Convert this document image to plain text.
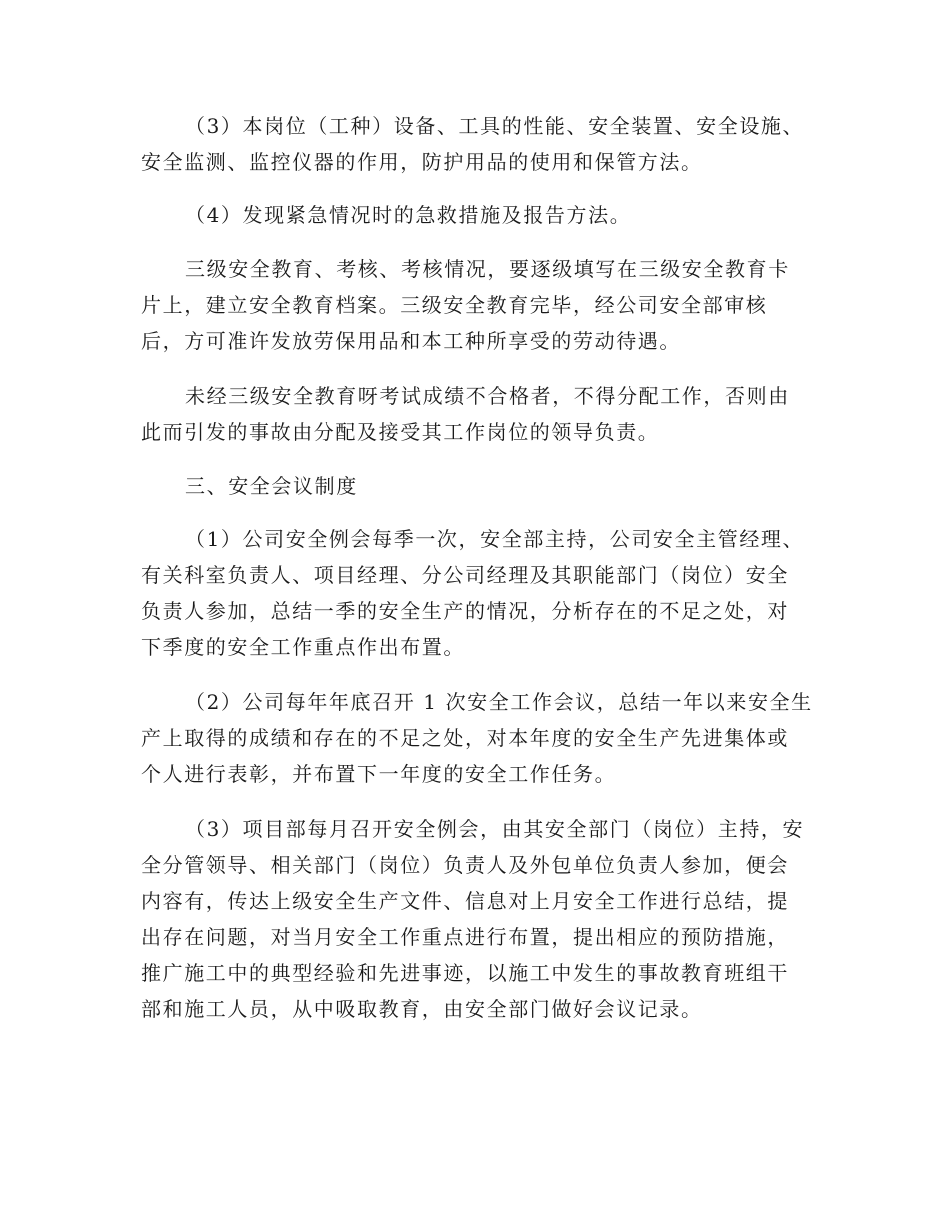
（3）本岗位（工种）设备、工具的性能、安全装置、安全设施、
安全监测、监控仪器的作用，防护用品的使用和保管方法。
（4）发现紧急情况时的急救措施及报告方法。
三级安全教育、考核、考核情况，要逐级填写在三级安全教育卡
片上，建立安全教育档案。三级安全教育完毕，经公司安全部审核
后，方可准许发放劳保用品和本工种所享受的劳动待遇。
未经三级安全教育呀考试成绩不合格者，不得分配工作，否则由
此而引发的事故由分配及接受其工作岗位的领导负责。
三、安全会议制度
（1）公司安全例会每季一次，安全部主持，公司安全主管经理、
有关科室负责人、项目经理、分公司经理及其职能部门（岗位）安全
负责人参加，总结一季的安全生产的情况，分析存在的不足之处，对
下季度的安全工作重点作出布置。
（2）公司每年年底召开 1 次安全工作会议，总结一年以来安全生
产上取得的成绩和存在的不足之处，对本年度的安全生产先进集体或
个人进行表彰，并布置下一年度的安全工作任务。
（3）项目部每月召开安全例会，由其安全部门（岗位）主持，安
全分管领导、相关部门（岗位）负责人及外包单位负责人参加，便会
内容有，传达上级安全生产文件、信息对上月安全工作进行总结，提
出存在问题，对当月安全工作重点进行布置，提出相应的预防措施，
推广施工中的典型经验和先进事迹，以施工中发生的事故教育班组干
部和施工人员，从中吸取教育，由安全部门做好会议记录。
